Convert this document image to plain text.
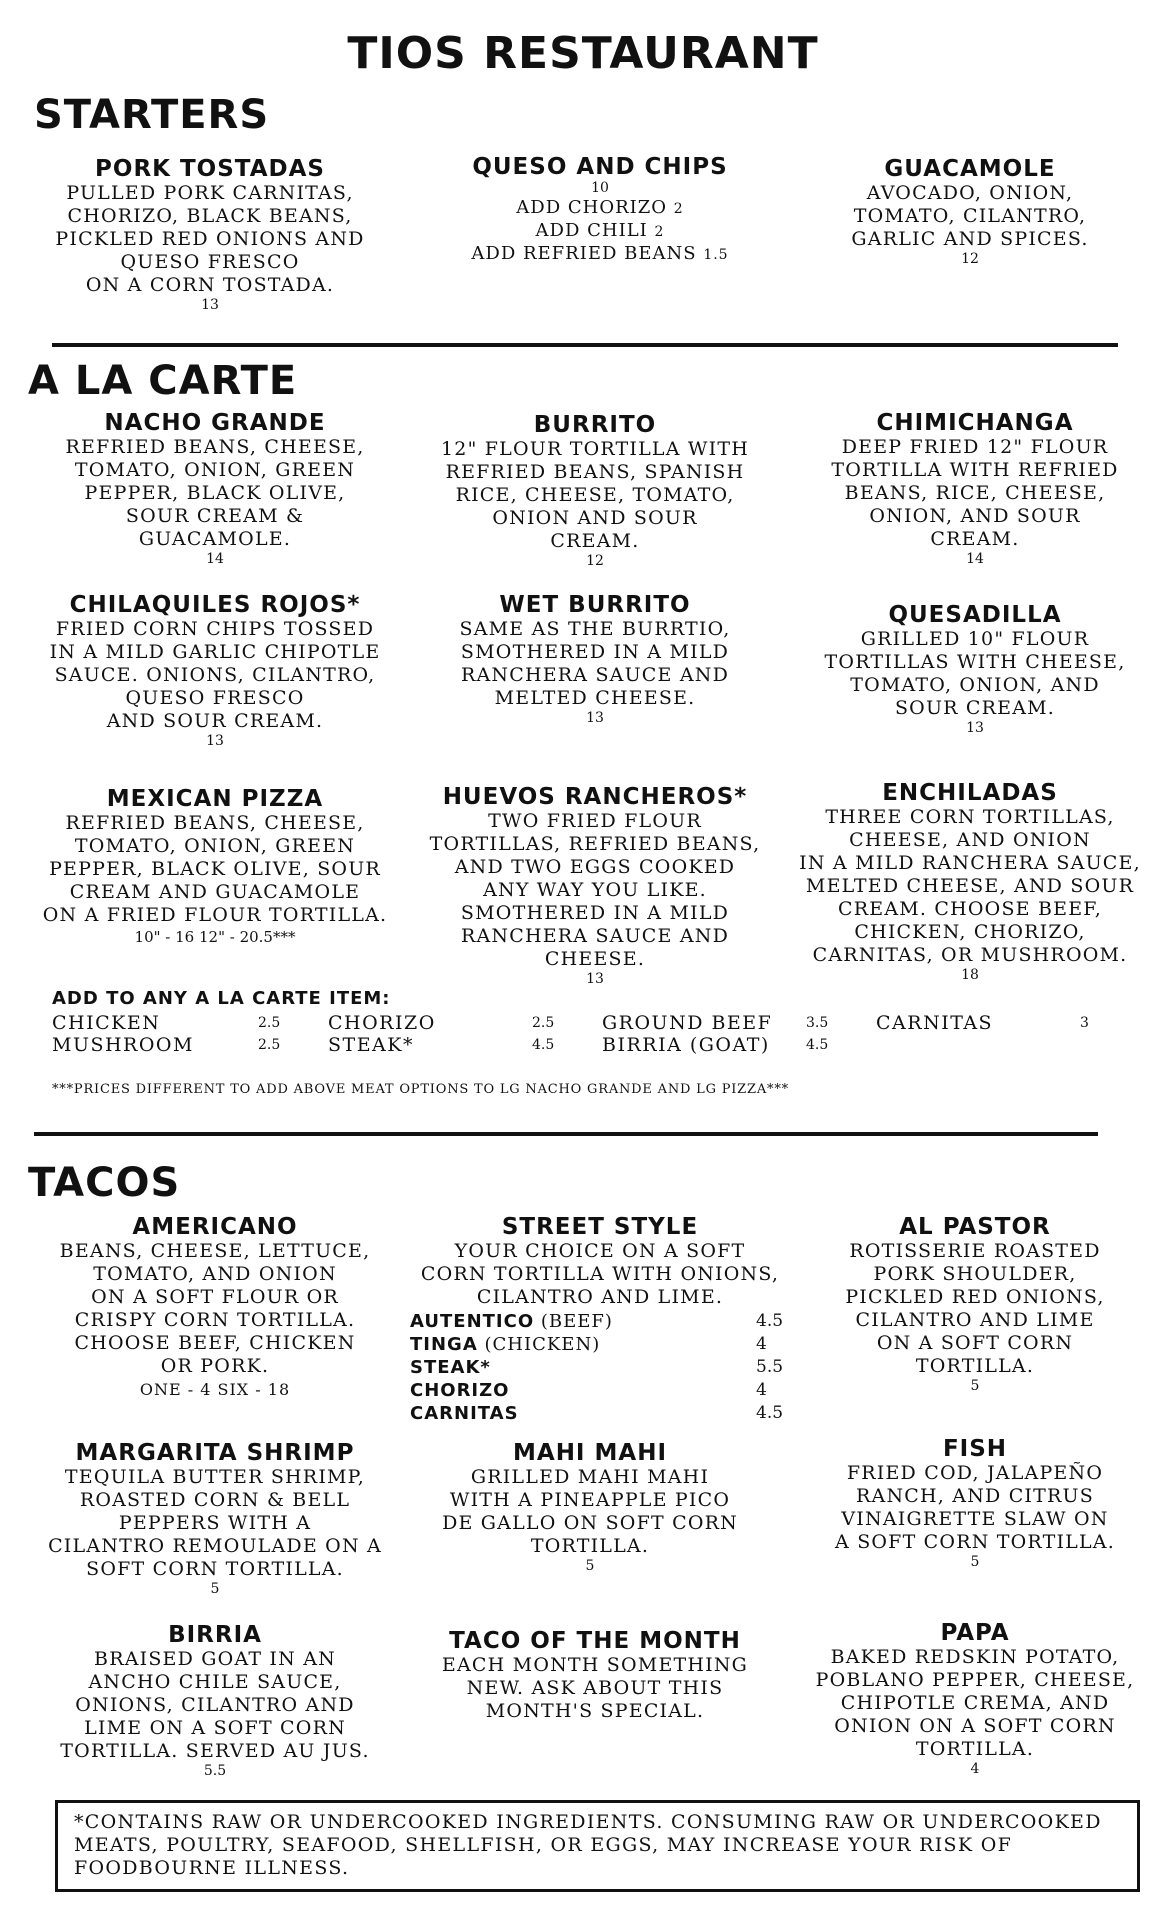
TIOS RESTAURANT
STARTERS
PORK TOSTADAS
PULLED PORK CARNITAS,
CHORIZO, BLACK BEANS,
PICKLED RED ONIONS AND
QUESO FRESCO
ON A CORN TOSTADA.
13
QUESO AND CHIPS
10
ADD CHORIZO 2
ADD CHILI 2
ADD REFRIED BEANS 1.5
GUACAMOLE
AVOCADO, ONION,
TOMATO, CILANTRO,
GARLIC AND SPICES.
12
A LA CARTE
NACHO GRANDE
REFRIED BEANS, CHEESE,
TOMATO, ONION, GREEN
PEPPER, BLACK OLIVE,
SOUR CREAM &
GUACAMOLE.
14
BURRITO
12" FLOUR TORTILLA WITH
REFRIED BEANS, SPANISH
RICE, CHEESE, TOMATO,
ONION AND SOUR
CREAM.
12
CHIMICHANGA
DEEP FRIED 12" FLOUR
TORTILLA WITH REFRIED
BEANS, RICE, CHEESE,
ONION, AND SOUR
CREAM.
14
CHILAQUILES ROJOS*
FRIED CORN CHIPS TOSSED
IN A MILD GARLIC CHIPOTLE
SAUCE. ONIONS, CILANTRO,
QUESO FRESCO
AND SOUR CREAM.
13
WET BURRITO
SAME AS THE BURRTIO,
SMOTHERED IN A MILD
RANCHERA SAUCE AND
MELTED CHEESE.
13
QUESADILLA
GRILLED 10" FLOUR
TORTILLAS WITH CHEESE,
TOMATO, ONION, AND
SOUR CREAM.
13
MEXICAN PIZZA
REFRIED BEANS, CHEESE,
TOMATO, ONION, GREEN
PEPPER, BLACK OLIVE, SOUR
CREAM AND GUACAMOLE
ON A FRIED FLOUR TORTILLA.
10" - 16 12" - 20.5***
HUEVOS RANCHEROS*
TWO FRIED FLOUR
TORTILLAS, REFRIED BEANS,
AND TWO EGGS COOKED
ANY WAY YOU LIKE.
SMOTHERED IN A MILD
RANCHERA SAUCE AND
CHEESE.
13
ENCHILADAS
THREE CORN TORTILLAS,
CHEESE, AND ONION
IN A MILD RANCHERA SAUCE,
MELTED CHEESE, AND SOUR
CREAM. CHOOSE BEEF,
CHICKEN, CHORIZO,
CARNITAS, OR MUSHROOM.
18
ADD TO ANY A LA CARTE ITEM:
CHICKEN	2.5	CHORIZO	2.5	GROUND BEEF 3.5	CARNITAS	3
MUSHROOM	2.5	STEAK*	4.5	BIRRIA (GOAT)	4.5
***PRICES DIFFERENT TO ADD ABOVE MEAT OPTIONS TO LG NACHO GRANDE AND LG PIZZA***
TACOS
AMERICANO
BEANS, CHEESE, LETTUCE,
TOMATO, AND ONION
ON A SOFT FLOUR OR
CRISPY CORN TORTILLA.
CHOOSE BEEF, CHICKEN
OR PORK.
ONE - 4 SIX - 18
STREET STYLE
YOUR CHOICE ON A SOFT
CORN TORTILLA WITH ONIONS,
CILANTRO AND LIME.
AUTENTICO (BEEF)	4.5
TINGA (CHICKEN)	4
STEAK*	5.5
CHORIZO	4
CARNITAS	4.5
AL PASTOR
ROTISSERIE ROASTED
PORK SHOULDER,
PICKLED RED ONIONS,
CILANTRO AND LIME
ON A SOFT CORN
TORTILLA.
5
MARGARITA SHRIMP
TEQUILA BUTTER SHRIMP,
ROASTED CORN & BELL
PEPPERS WITH A
CILANTRO REMOULADE ON A
SOFT CORN TORTILLA.
5
MAHI MAHI
GRILLED MAHI MAHI
WITH A PINEAPPLE PICO
DE GALLO ON SOFT CORN
TORTILLA.
5
FISH
FRIED COD, JALAPEÑO
RANCH, AND CITRUS
VINAIGRETTE SLAW ON
A SOFT CORN TORTILLA.
5
BIRRIA
BRAISED GOAT IN AN
ANCHO CHILE SAUCE,
ONIONS, CILANTRO AND
LIME ON A SOFT CORN
TORTILLA. SERVED AU JUS.
5.5
TACO OF THE MONTH
EACH MONTH SOMETHING
NEW. ASK ABOUT THIS
MONTH'S SPECIAL.
PAPA
BAKED REDSKIN POTATO,
POBLANO PEPPER, CHEESE,
CHIPOTLE CREMA, AND
ONION ON A SOFT CORN
TORTILLA.
4
*CONTAINS RAW OR UNDERCOOKED INGREDIENTS. CONSUMING RAW OR UNDERCOOKED MEATS, POULTRY, SEAFOOD, SHELLFISH, OR EGGS, MAY INCREASE YOUR RISK OF FOODBOURNE ILLNESS.
